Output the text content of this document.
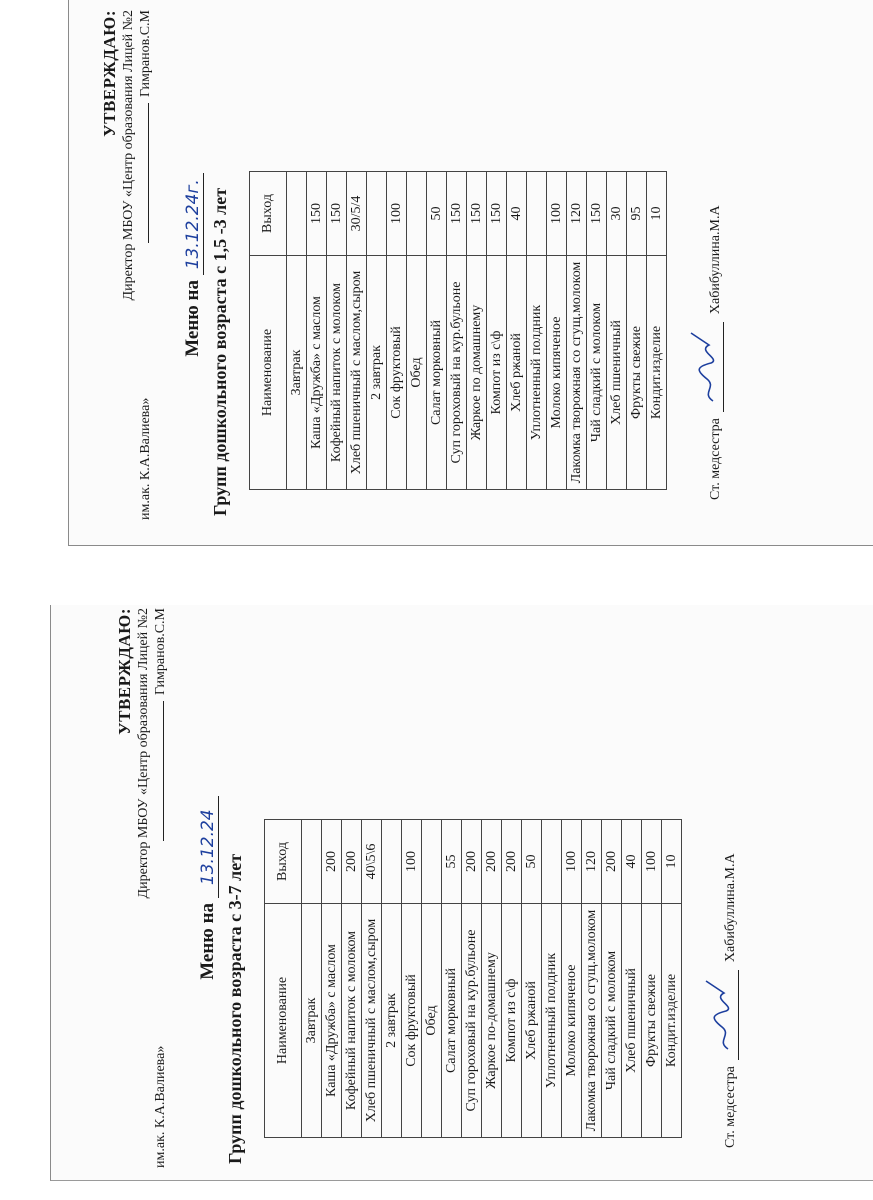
УТВЕРЖДАЮ: Директор МБОУ «Центр образования Лицей №2
им.ак. К.А.Валиева»
Гимранов.С.М
Меню на 13.12.24г. Групп дошкольного возраста с 1,5 -3 лет Наименование	Выход
Завтрак	
Каша «Дружба» с маслом	150
Кофейный напиток с молоком	150
Хлеб пшеничный с маслом,сыром	30/5/4
2 завтрак	
Сок фруктовый	100
Обед	
Салат морковный	50
Суп гороховый на кур.бульоне	150
Жаркое по домашнему	150
Компот из с\ф	150
Хлеб ржаной	40
Уплотненный полдник	
Молоко кипяченое	100
Лакомка творожная со сгущ.молоком	120
Чай сладкий с молоком	150
Хлеб пшеничный	30
Фрукты свежие	95
Кондит.изделие	10
Ст. медсестра
Хабибуллина.М.А
УТВЕРЖДАЮ: Директор МБОУ «Центр образования Лицей №2
им.ак. К.А.Валиева»
Гимранов.С.М
Меню на 13.12.24
Групп дошкольного возраста с 3-7 лет Наименование	Выход
Завтрак	
Каша «Дружба» с маслом	200
Кофейный напиток с молоком	200
Хлеб пшеничный с маслом,сыром	40\5\6
2 завтрак	
Сок фруктовый	100
Обед	
Салат морковный	55
Суп гороховый на кур.бульоне	200
Жаркое по-домашнему	200
Компот из с\ф	200
Хлеб ржаной	50
Уплотненный полдник	
Молоко кипяченое	100
Лакомка творожная со сгущ.молоком	120
Чай сладкий с молоком	200
Хлеб пшеничный	40
Фрукты свежие	100
Кондит.изделие	10
Ст. медсестра
Хабибуллина.М.А
